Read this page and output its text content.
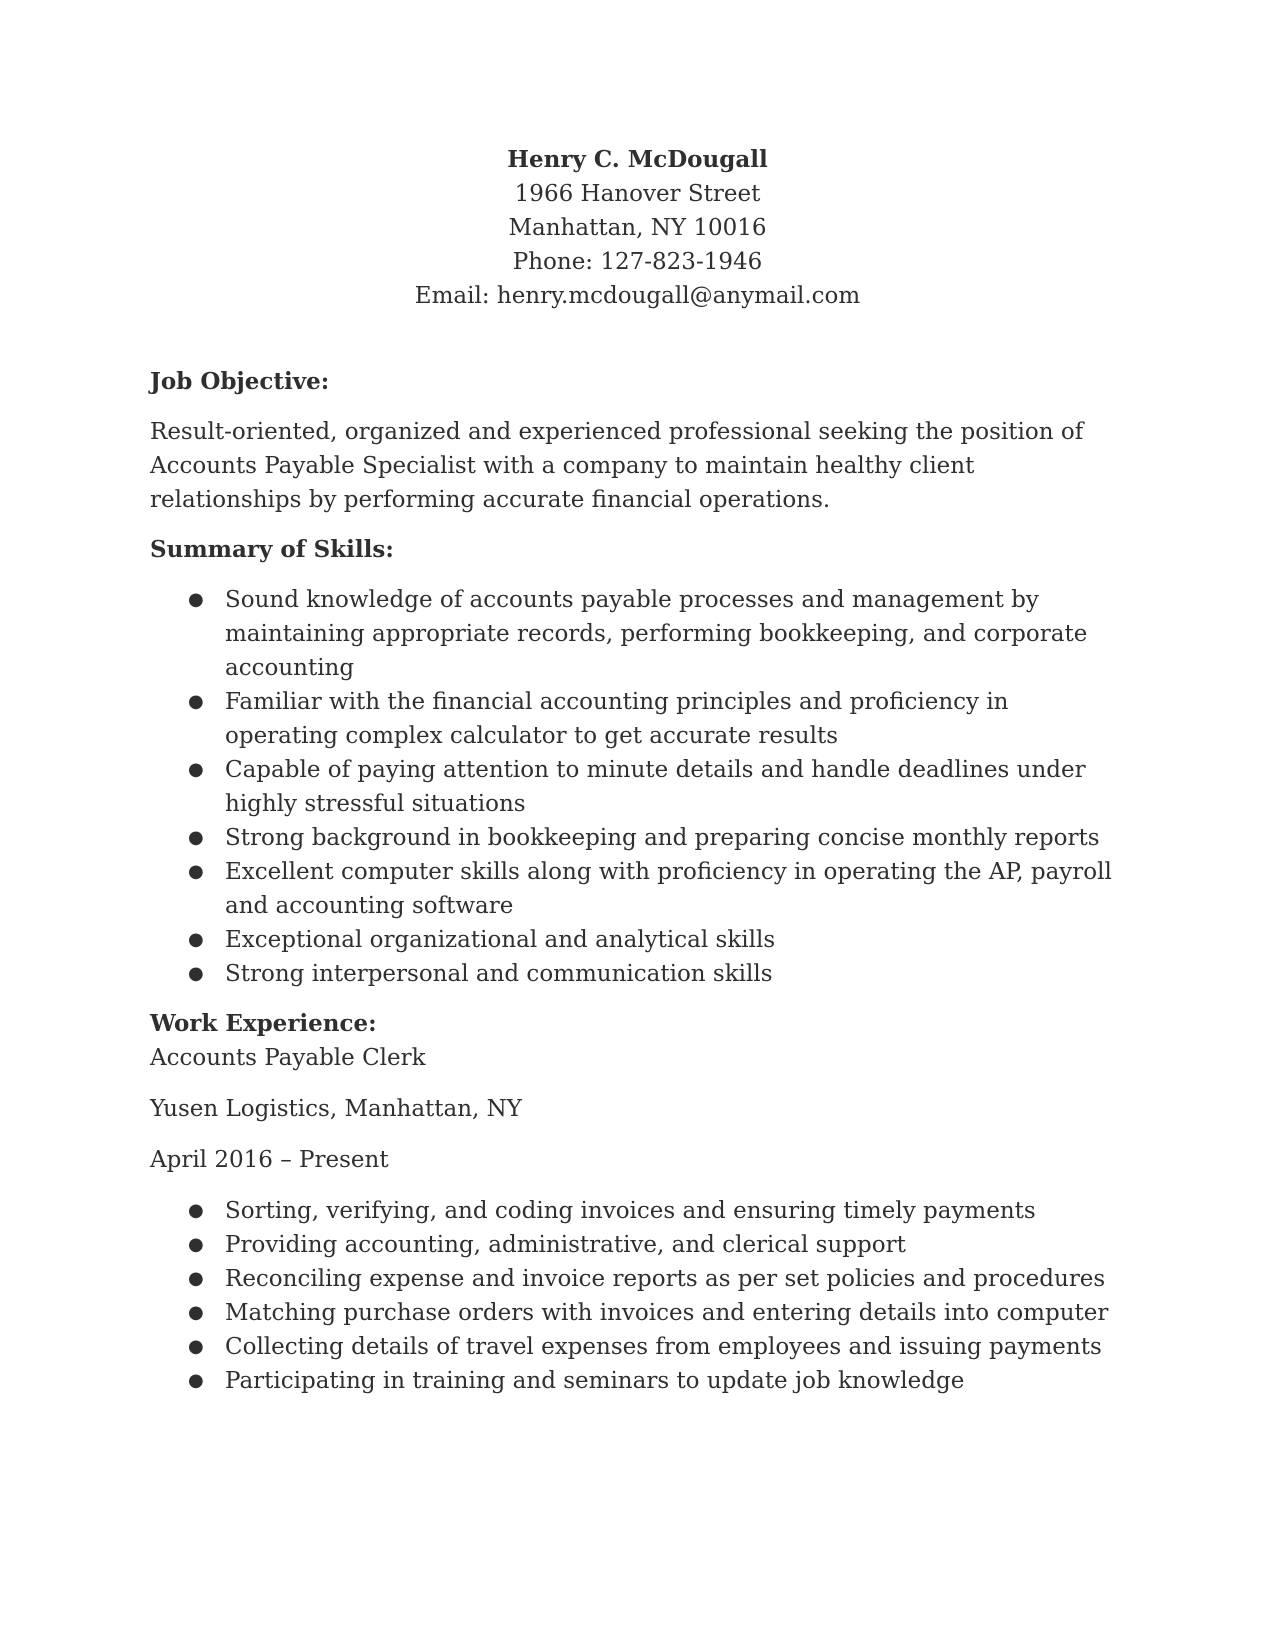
Henry C. McDougall
1966 Hanover Street
Manhattan, NY 10016
Phone: 127-823-1946
Email: henry.mcdougall@anymail.com
Job Objective:
Result-oriented, organized and experienced professional seeking the position of Accounts Payable Specialist with a company to maintain healthy client relationships by performing accurate financial operations.
Summary of Skills:
● Sound knowledge of accounts payable processes and management by maintaining appropriate records, performing bookkeeping, and corporate accounting
● Familiar with the financial accounting principles and proficiency in operating complex calculator to get accurate results
● Capable of paying attention to minute details and handle deadlines under highly stressful situations
● Strong background in bookkeeping and preparing concise monthly reports
● Excellent computer skills along with proficiency in operating the AP, payroll and accounting software
● Exceptional organizational and analytical skills
● Strong interpersonal and communication skills
Work Experience:
Accounts Payable Clerk
Yusen Logistics, Manhattan, NY
April 2016 – Present
● Sorting, verifying, and coding invoices and ensuring timely payments
● Providing accounting, administrative, and clerical support
● Reconciling expense and invoice reports as per set policies and procedures
● Matching purchase orders with invoices and entering details into computer
● Collecting details of travel expenses from employees and issuing payments
● Participating in training and seminars to update job knowledge
